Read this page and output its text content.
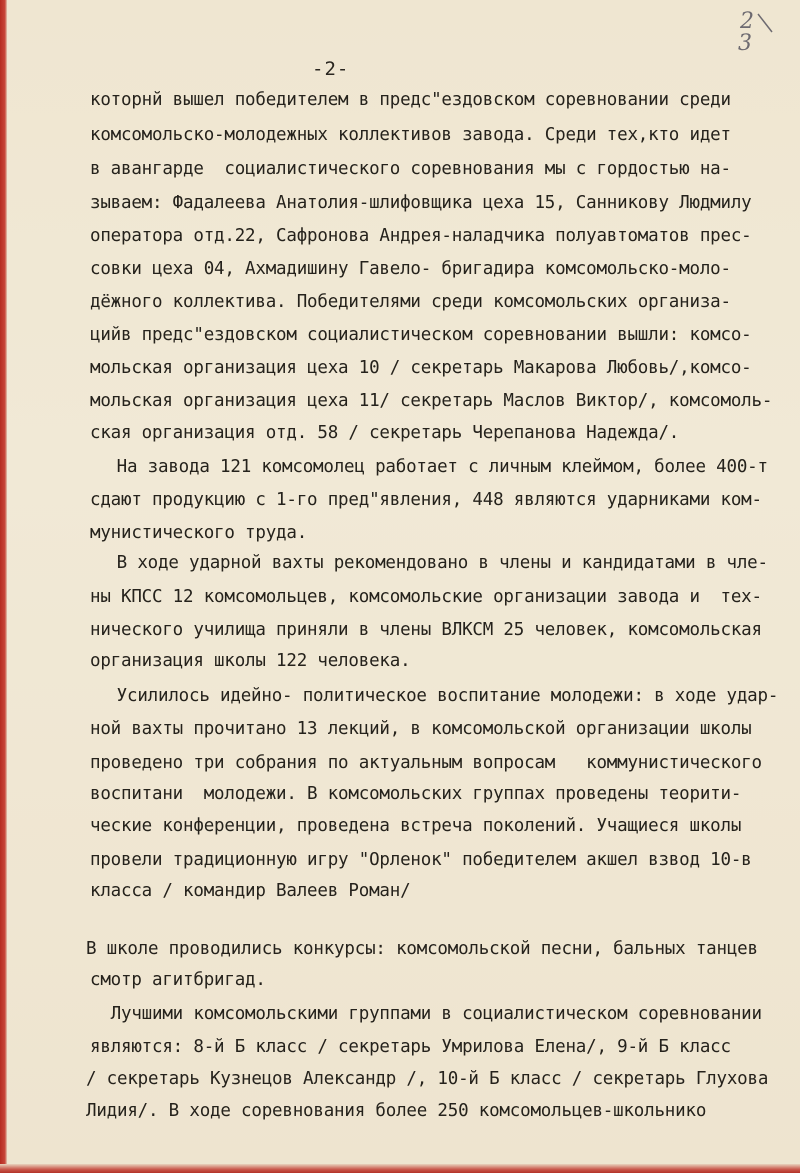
2
3
-2-
которнй вышел победителем в предс"ездовском соревновании среди
комсомольско-молодежных коллективов завода. Среди тех,кто идет
в авангарде  социалистического соревнования мы с гордостью на-
зываем: Фадалеева Анатолия-шлифовщика цеха 15, Санникову Людмилу
оператора отд.22, Сафронова Андрея-наладчика полуавтоматов прес-
совки цеха 04, Ахмадишину Гавело- бригадира комсомольско-моло-
дёжного коллектива. Победителями среди комсомольских организа-
цийв предс"ездовском социалистическом соревновании вышли: комсо-
мольская организация цеха 10 / секретарь Макарова Любовь/,комсо-
мольская организация цеха 11/ секретарь Маслов Виктор/, комсомоль-
ская организация отд. 58 / секретарь Черепанова Надежда/.
На завода 121 комсомолец работает с личным клеймом, более 400-т
сдают продукцию с 1-го пред"явления, 448 являются ударниками ком-
мунистического труда.
В ходе ударной вахты рекомендовано в члены и кандидатами в чле-
ны КПСС 12 комсомольцев, комсомольские организации завода и  тех-
нического училища приняли в члены ВЛКСМ 25 человек, комсомольская
организация школы 122 человека.
Усилилось идейно- политическое воспитание молодежи: в ходе удар-
ной вахты прочитано 13 лекций, в комсомольской организации школы
проведено три собрания по актуальным вопросам   коммунистического
воспитани  молодежи. В комсомольских группах проведены теорити-
ческие конференции, проведена встреча поколений. Учащиеся школы
провели традиционную игру "Орленок" победителем акшел взвод 10-в
класса / командир Валеев Роман/
В школе проводились конкурсы: комсомольской песни, бальных танцев
смотр агитбригад.
Лучшими комсомольскими группами в социалистическом соревновании
являются: 8-й Б класс / секретарь Умрилова Елена/, 9-й Б класс
/ секретарь Кузнецов Александр /, 10-й Б класс / секретарь Глухова
Лидия/. В ходе соревнования более 250 комсомольцев-школьнико
